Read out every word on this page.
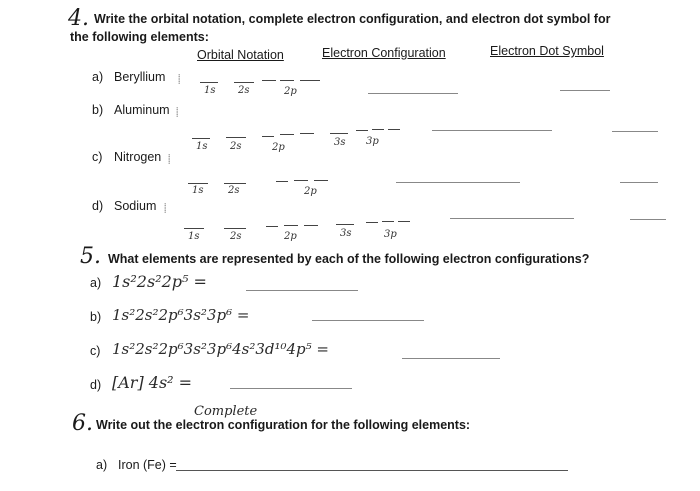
4. Write the orbital notation, complete electron configuration, and electron dot symbol for
the following elements:
Orbital Notation	Electron Configuration	Electron Dot Symbol
a) Beryllium ⸽
1s 2s	2p
b) Aluminum ⸽
1s 2s	2p	3s 3p
c) Nitrogen ⸽
1s 2s	2p
d) Sodium ⸽
1s	2s	2p	3s	3p
5. What elements are represented by each of the following electron configurations?
a) 1s²2s²2p⁵ =
b) 1s²2s²2p⁶3s²3p⁶ =
c) 1s²2s²2p⁶3s²3p⁶4s²3d¹⁰4p⁵ =
d) [Ar] 4s² =
Complete
6. Write out the electron configuration for the following elements:
a) Iron (Fe) =
